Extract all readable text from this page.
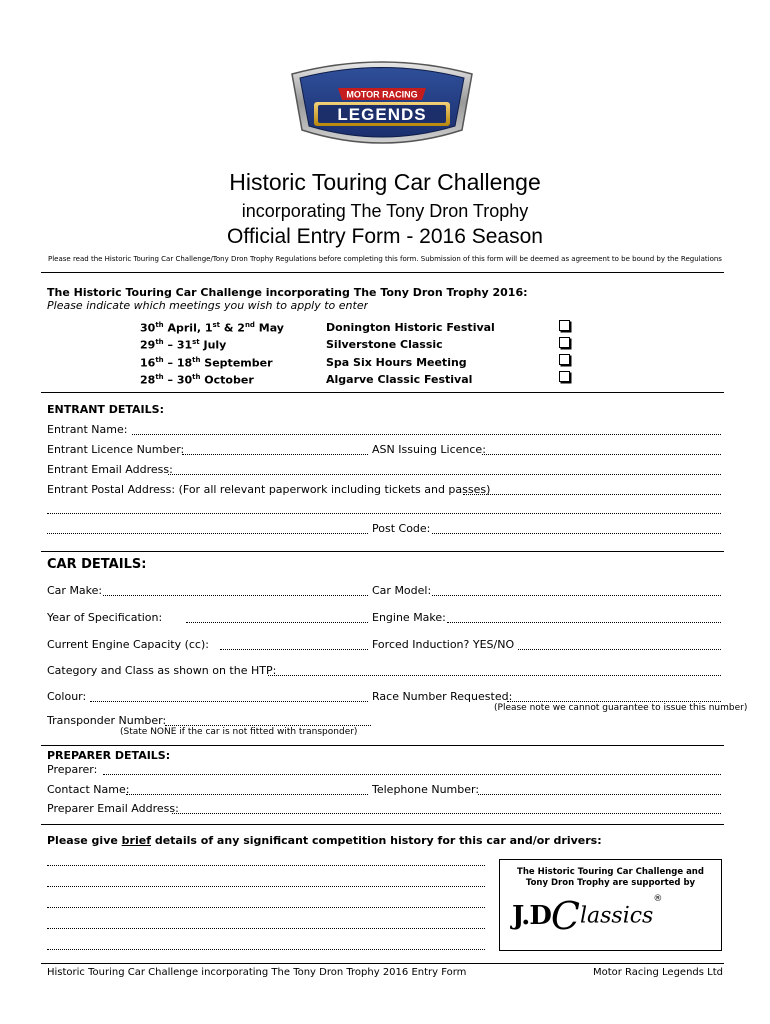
MOTOR RACING
LEGENDS
Historic Touring Car Challenge
incorporating The Tony Dron Trophy
Official Entry Form - 2016 Season
Please read the Historic Touring Car Challenge/Tony Dron Trophy Regulations before completing this form. Submission of this form will be deemed as agreement to be bound by the Regulations
The Historic Touring Car Challenge incorporating The Tony Dron Trophy 2016:
Please indicate which meetings you wish to apply to enter
30th April, 1st & 2nd May	Donington Historic Festival
29th – 31st July	Silverstone Classic
16th – 18th September	Spa Six Hours Meeting
28th – 30th October	Algarve Classic Festival
ENTRANT DETAILS:
Entrant Name:
Entrant Licence Number:	ASN Issuing Licence:
Entrant Email Address:
Entrant Postal Address: (For all relevant paperwork including tickets and passes)
Post Code:
CAR DETAILS:
Car Make:	Car Model:
Year of Specification:	Engine Make:
Current Engine Capacity (cc):	Forced Induction? YES/NO
Category and Class as shown on the HTP:
Colour:	Race Number Requested:
(Please note we cannot guarantee to issue this number)
Transponder Number:
(State NONE if the car is not fitted with transponder)
PREPARER DETAILS:
Preparer:
Contact Name:	Telephone Number:
Preparer Email Address:
Please give brief details of any significant competition history for this car and/or drivers:
The Historic Touring Car Challenge and
Tony Dron Trophy are supported by
J.DClassics®
Historic Touring Car Challenge incorporating The Tony Dron Trophy 2016 Entry Form	Motor Racing Legends Ltd
